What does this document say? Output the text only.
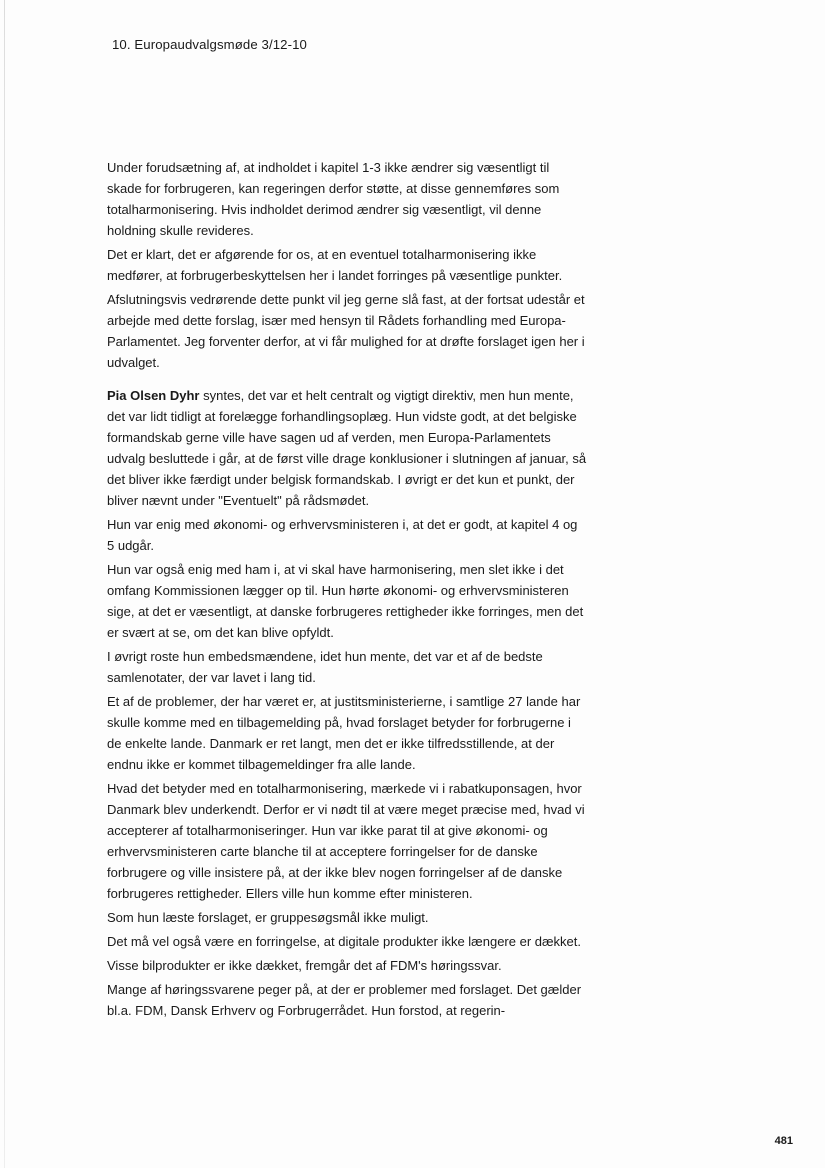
10. Europaudvalgsmøde 3/12-10

Under forudsætning af, at indholdet i kapitel 1-3 ikke ændrer sig væsentligt til skade for forbrugeren, kan regeringen derfor støtte, at disse gennemføres som totalharmonisering. Hvis indholdet derimod ændrer sig væsentligt, vil denne holdning skulle revideres.

Det er klart, det er afgørende for os, at en eventuel totalharmonisering ikke medfører, at forbrugerbeskyttelsen her i landet forringes på væsentlige punkter.

Afslutningsvis vedrørende dette punkt vil jeg gerne slå fast, at der fortsat udestår et arbejde med dette forslag, især med hensyn til Rådets forhandling med Europa-Parlamentet. Jeg forventer derfor, at vi får mulighed for at drøfte forslaget igen her i udvalget.

Pia Olsen Dyhr syntes, det var et helt centralt og vigtigt direktiv, men hun mente, det var lidt tidligt at forelægge forhandlingsoplæg. Hun vidste godt, at det belgiske formandskab gerne ville have sagen ud af verden, men Europa-Parlamentets udvalg besluttede i går, at de først ville drage konklusioner i slutningen af januar, så det bliver ikke færdigt under belgisk formandskab. I øvrigt er det kun et punkt, der bliver nævnt under "Eventuelt" på rådsmødet.

Hun var enig med økonomi- og erhvervsministeren i, at det er godt, at kapitel 4 og 5 udgår.

Hun var også enig med ham i, at vi skal have harmonisering, men slet ikke i det omfang Kommissionen lægger op til. Hun hørte økonomi- og erhvervsministeren sige, at det er væsentligt, at danske forbrugeres rettigheder ikke forringes, men det er svært at se, om det kan blive opfyldt.

I øvrigt roste hun embedsmændene, idet hun mente, det var et af de bedste samlenotater, der var lavet i lang tid.

Et af de problemer, der har været er, at justitsministerierne, i samtlige 27 lande har skulle komme med en tilbagemelding på, hvad forslaget betyder for forbrugerne i de enkelte lande. Danmark er ret langt, men det er ikke tilfredsstillende, at der endnu ikke er kommet tilbagemeldinger fra alle lande.

Hvad det betyder med en totalharmonisering, mærkede vi i rabatkuponsagen, hvor Danmark blev underkendt. Derfor er vi nødt til at være meget præcise med, hvad vi accepterer af totalharmoniseringer. Hun var ikke parat til at give økonomi- og erhvervsministeren carte blanche til at acceptere forringelser for de danske forbrugere og ville insistere på, at der ikke blev nogen forringelser af de danske forbrugeres rettigheder. Ellers ville hun komme efter ministeren.

Som hun læste forslaget, er gruppesøgsmål ikke muligt.

Det må vel også være en forringelse, at digitale produkter ikke længere er dækket.

Visse bilprodukter er ikke dækket, fremgår det af FDM's høringssvar.

Mange af høringssvarene peger på, at der er problemer med forslaget. Det gælder bl.a. FDM, Dansk Erhverv og Forbrugerrådet. Hun forstod, at regerin-

481
